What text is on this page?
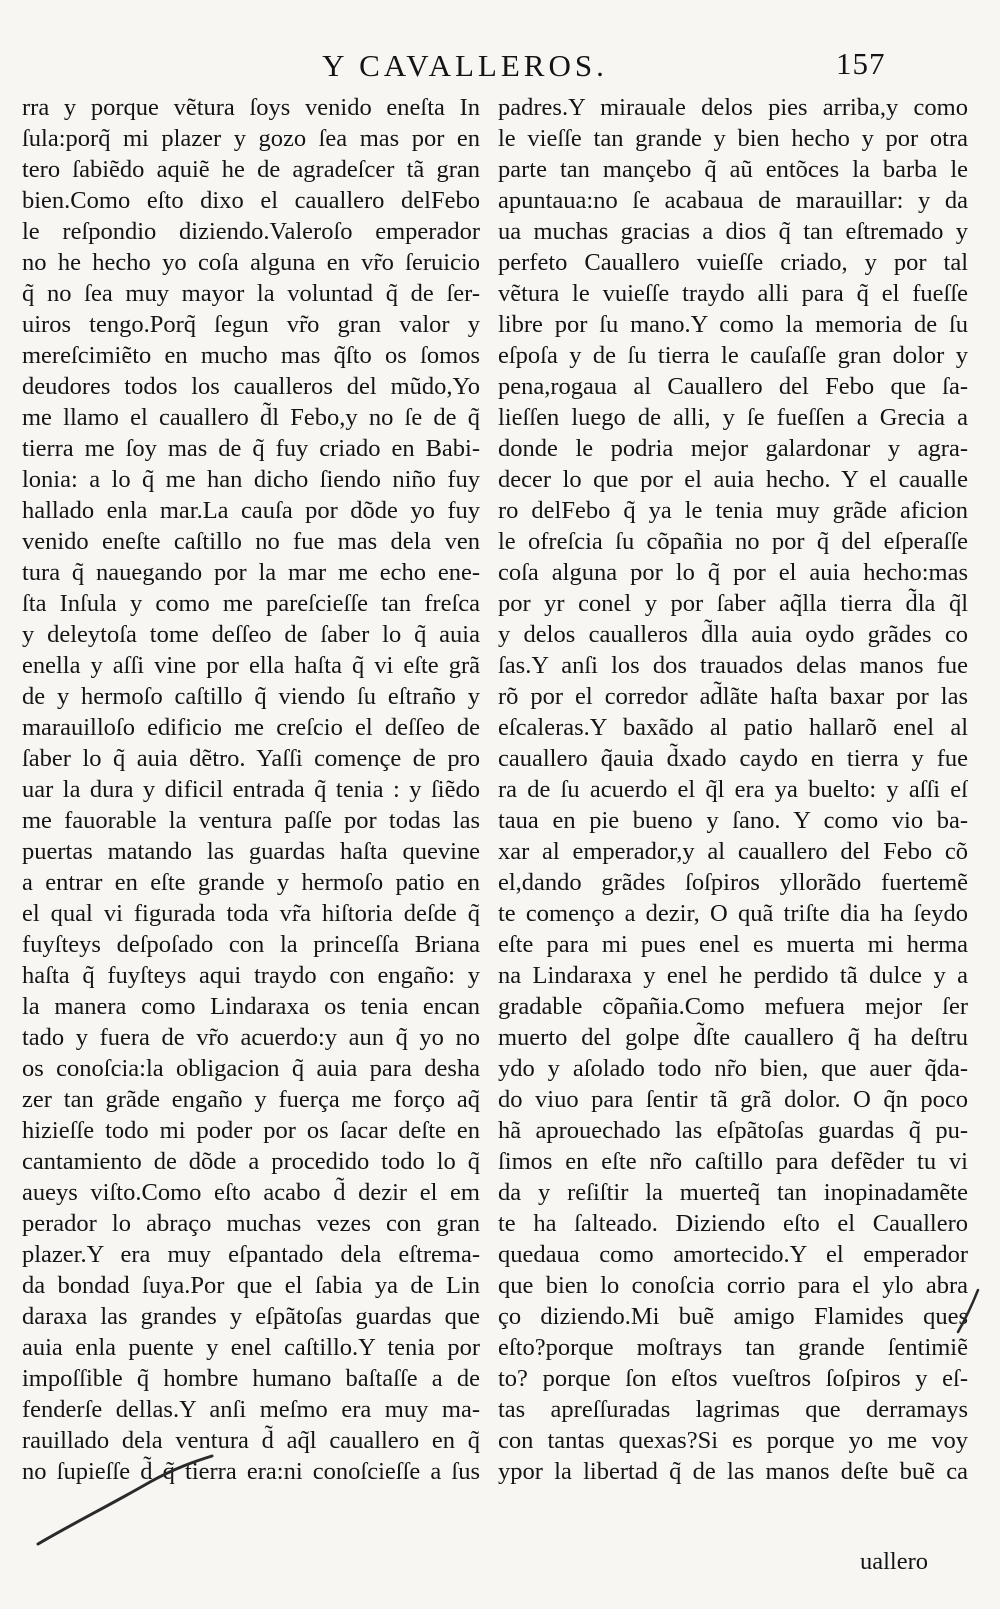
Y CAVALLEROS.	157
rra y porque vẽtura ſoys venido eneſta In
ſula:porq̃ mi plazer y gozo ſea mas por en
tero ſabiẽdo aquiẽ he de agradeſcer tã gran
bien.Como eſto dixo el cauallero delFebo
le reſpondio diziendo.Valeroſo emperador
no he hecho yo coſa alguna en vr̃o ſeruicio
q̃ no ſea muy mayor la voluntad q̃ de ſer-
uiros tengo.Porq̃ ſegun vr̃o gran valor y
mereſcimiẽto en mucho mas q̃ſto os ſomos
deudores todos los caualleros del mũdo,Yo
me llamo el cauallero d̃l Febo,y no ſe de q̃
tierra me ſoy mas de q̃ fuy criado en Babi-
lonia: a lo q̃ me han dicho ſiendo niño fuy
hallado enla mar.La cauſa por dõde yo fuy
venido eneſte caſtillo no fue mas dela ven
tura q̃ nauegando por la mar me echo ene-
ſta Inſula y como me pareſcieſſe tan freſca
y deleytoſa tome deſſeo de ſaber lo q̃ auia
enella y aſſi vine por ella haſta q̃ vi eſte grã
de y hermoſo caſtillo q̃ viendo ſu eſtraño y
marauilloſo edificio me creſcio el deſſeo de
ſaber lo q̃ auia dẽtro. Yaſſi començe de pro
uar la dura y dificil entrada q̃ tenia : y ſiẽdo
me fauorable la ventura paſſe por todas las
puertas matando las guardas haſta quevine
a entrar en eſte grande y hermoſo patio en
el qual vi figurada toda vr̃a hiſtoria deſde q̃
fuyſteys deſpoſado con la princeſſa Briana
haſta q̃ fuyſteys aqui traydo con engaño: y
la manera como Lindaraxa os tenia encan
tado y fuera de vr̃o acuerdo:y aun q̃ yo no
os conoſcia:la obligacion q̃ auia para desha
zer tan grãde engaño y fuerça me forço aq̃
hizieſſe todo mi poder por os ſacar deſte en
cantamiento de dõde a procedido todo lo q̃
aueys viſto.Como eſto acabo d̃ dezir el em
perador lo abraço muchas vezes con gran
plazer.Y era muy eſpantado dela eſtrema-
da bondad ſuya.Por que el ſabia ya de Lin
daraxa las grandes y eſpãtoſas guardas que
auia enla puente y enel caſtillo.Y tenia por
impoſſible q̃ hombre humano baſtaſſe a de
fenderſe dellas.Y anſi meſmo era muy ma-
rauillado dela ventura d̃ aq̃l cauallero en q̃
no ſupieſſe d̃ q̃ tierra era:ni conoſcieſſe a ſus
padres.Y mirauale delos pies arriba,y como
le vieſſe tan grande y bien hecho y por otra
parte tan mançebo q̃ aũ entõces la barba le
apuntaua:no ſe acabaua de marauillar: y da
ua muchas gracias a dios q̃ tan eſtremado y
perfeto Cauallero vuieſſe criado, y por tal
vẽtura le vuieſſe traydo alli para q̃ el fueſſe
libre por ſu mano.Y como la memoria de ſu
eſpoſa y de ſu tierra le cauſaſſe gran dolor y
pena,rogaua al Cauallero del Febo que ſa-
lieſſen luego de alli, y ſe fueſſen a Grecia a
donde le podria mejor galardonar y agra-
decer lo que por el auia hecho. Y el caualle
ro delFebo q̃ ya le tenia muy grãde aficion
le ofreſcia ſu cõpañia no por q̃ del eſperaſſe
coſa alguna por lo q̃ por el auia hecho:mas
por yr conel y por ſaber aq̃lla tierra d̃la q̃l
y delos caualleros d̃lla auia oydo grãdes co
ſas.Y anſi los dos trauados delas manos fue
rõ por el corredor ad̃lãte haſta baxar por las
eſcaleras.Y baxãdo al patio hallarõ enel al
cauallero q̃auia d̃xado caydo en tierra y fue
ra de ſu acuerdo el q̃l era ya buelto: y aſſi eſ
taua en pie bueno y ſano. Y como vio ba-
xar al emperador,y al cauallero del Febo cõ
el,dando grãdes ſoſpiros yllorãdo fuertemẽ
te començo a dezir, O quã triſte dia ha ſeydo
eſte para mi pues enel es muerta mi herma
na Lindaraxa y enel he perdido tã dulce y a
gradable cõpañia.Como mefuera mejor ſer
muerto del golpe d̃ſte cauallero q̃ ha deſtru
ydo y aſolado todo nr̃o bien, que auer q̃da-
do viuo para ſentir tã grã dolor. O q̃n poco
hã aprouechado las eſpãtoſas guardas q̃ pu-
ſimos en eſte nr̃o caſtillo para defẽder tu vi
da y reſiſtir la muerteq̃ tan inopinadamẽte
te ha ſalteado. Diziendo eſto el Cauallero
quedaua como amortecido.Y el emperador
que bien lo conoſcia corrio para el ylo abra
ço diziendo.Mi buẽ amigo Flamides ques
eſto?porque moſtrays tan grande ſentimiẽ
to? porque ſon eſtos vueſtros ſoſpiros y eſ-
tas apreſſuradas lagrimas que derramays
con tantas quexas?Si es porque yo me voy
ypor la libertad q̃ de las manos deſte buẽ ca
uallero
